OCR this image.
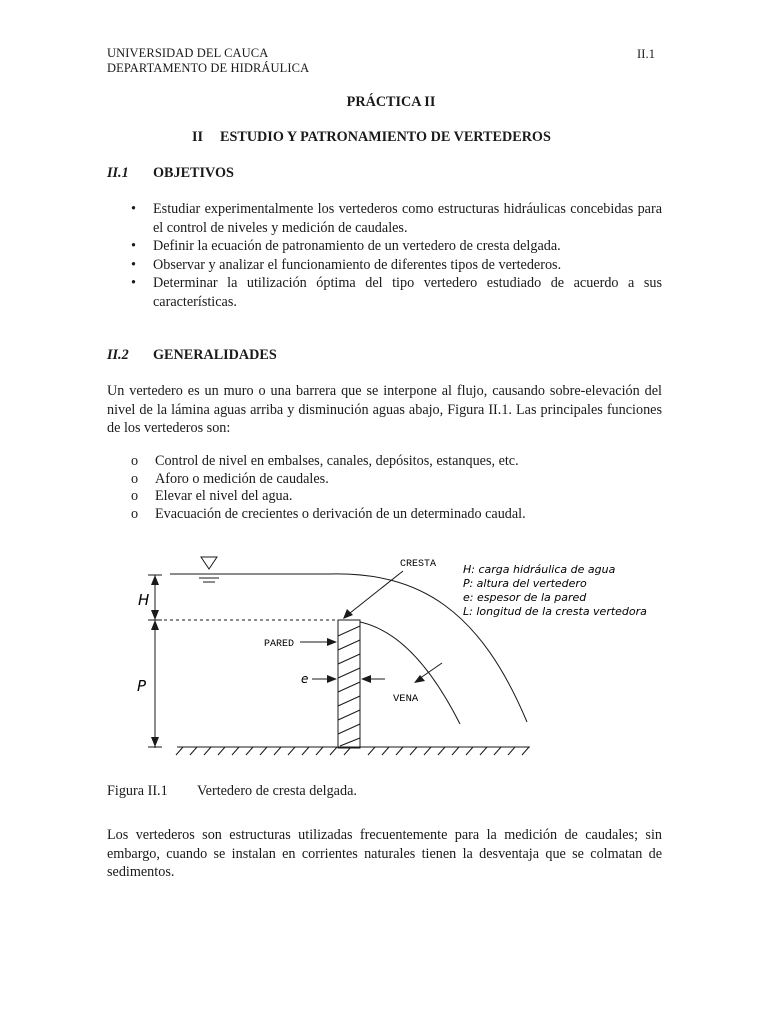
UNIVERSIDAD DEL CAUCA
DEPARTAMENTO DE HIDRÁULICA
II.1
PRÁCTICA II
II ESTUDIO Y PATRONAMIENTO DE VERTEDEROS
II.1 OBJETIVOS
•	Estudiar experimentalmente los vertederos como estructuras hidráulicas concebidas para el control de niveles y medición de caudales.
•	Definir la ecuación de patronamiento de un vertedero de cresta delgada.
•	Observar y analizar el funcionamiento de diferentes tipos de vertederos.
•	Determinar la utilización óptima del tipo vertedero estudiado de acuerdo a sus características.
II.2 GENERALIDADES
Un vertedero es un muro o una barrera que se interpone al flujo, causando sobre-elevación del nivel de la lámina aguas arriba y disminución aguas abajo, Figura II.1. Las principales funciones de los vertederos son:
o Control de nivel en embalses, canales, depósitos, estanques, etc.
o Aforo o medición de caudales.
o Elevar el nivel del agua.
o Evacuación de crecientes o derivación de un determinado caudal.
H
P
CRESTA
PARED
e
VENA
H: carga hidráulica de agua
P: altura del vertedero
e: espesor de la pared
L: longitud de la cresta vertedora
Figura II.1 Vertedero de cresta delgada.
Los vertederos son estructuras utilizadas frecuentemente para la medición de caudales; sin embargo, cuando se instalan en corrientes naturales tienen la desventaja que se colmatan de sedimentos.
